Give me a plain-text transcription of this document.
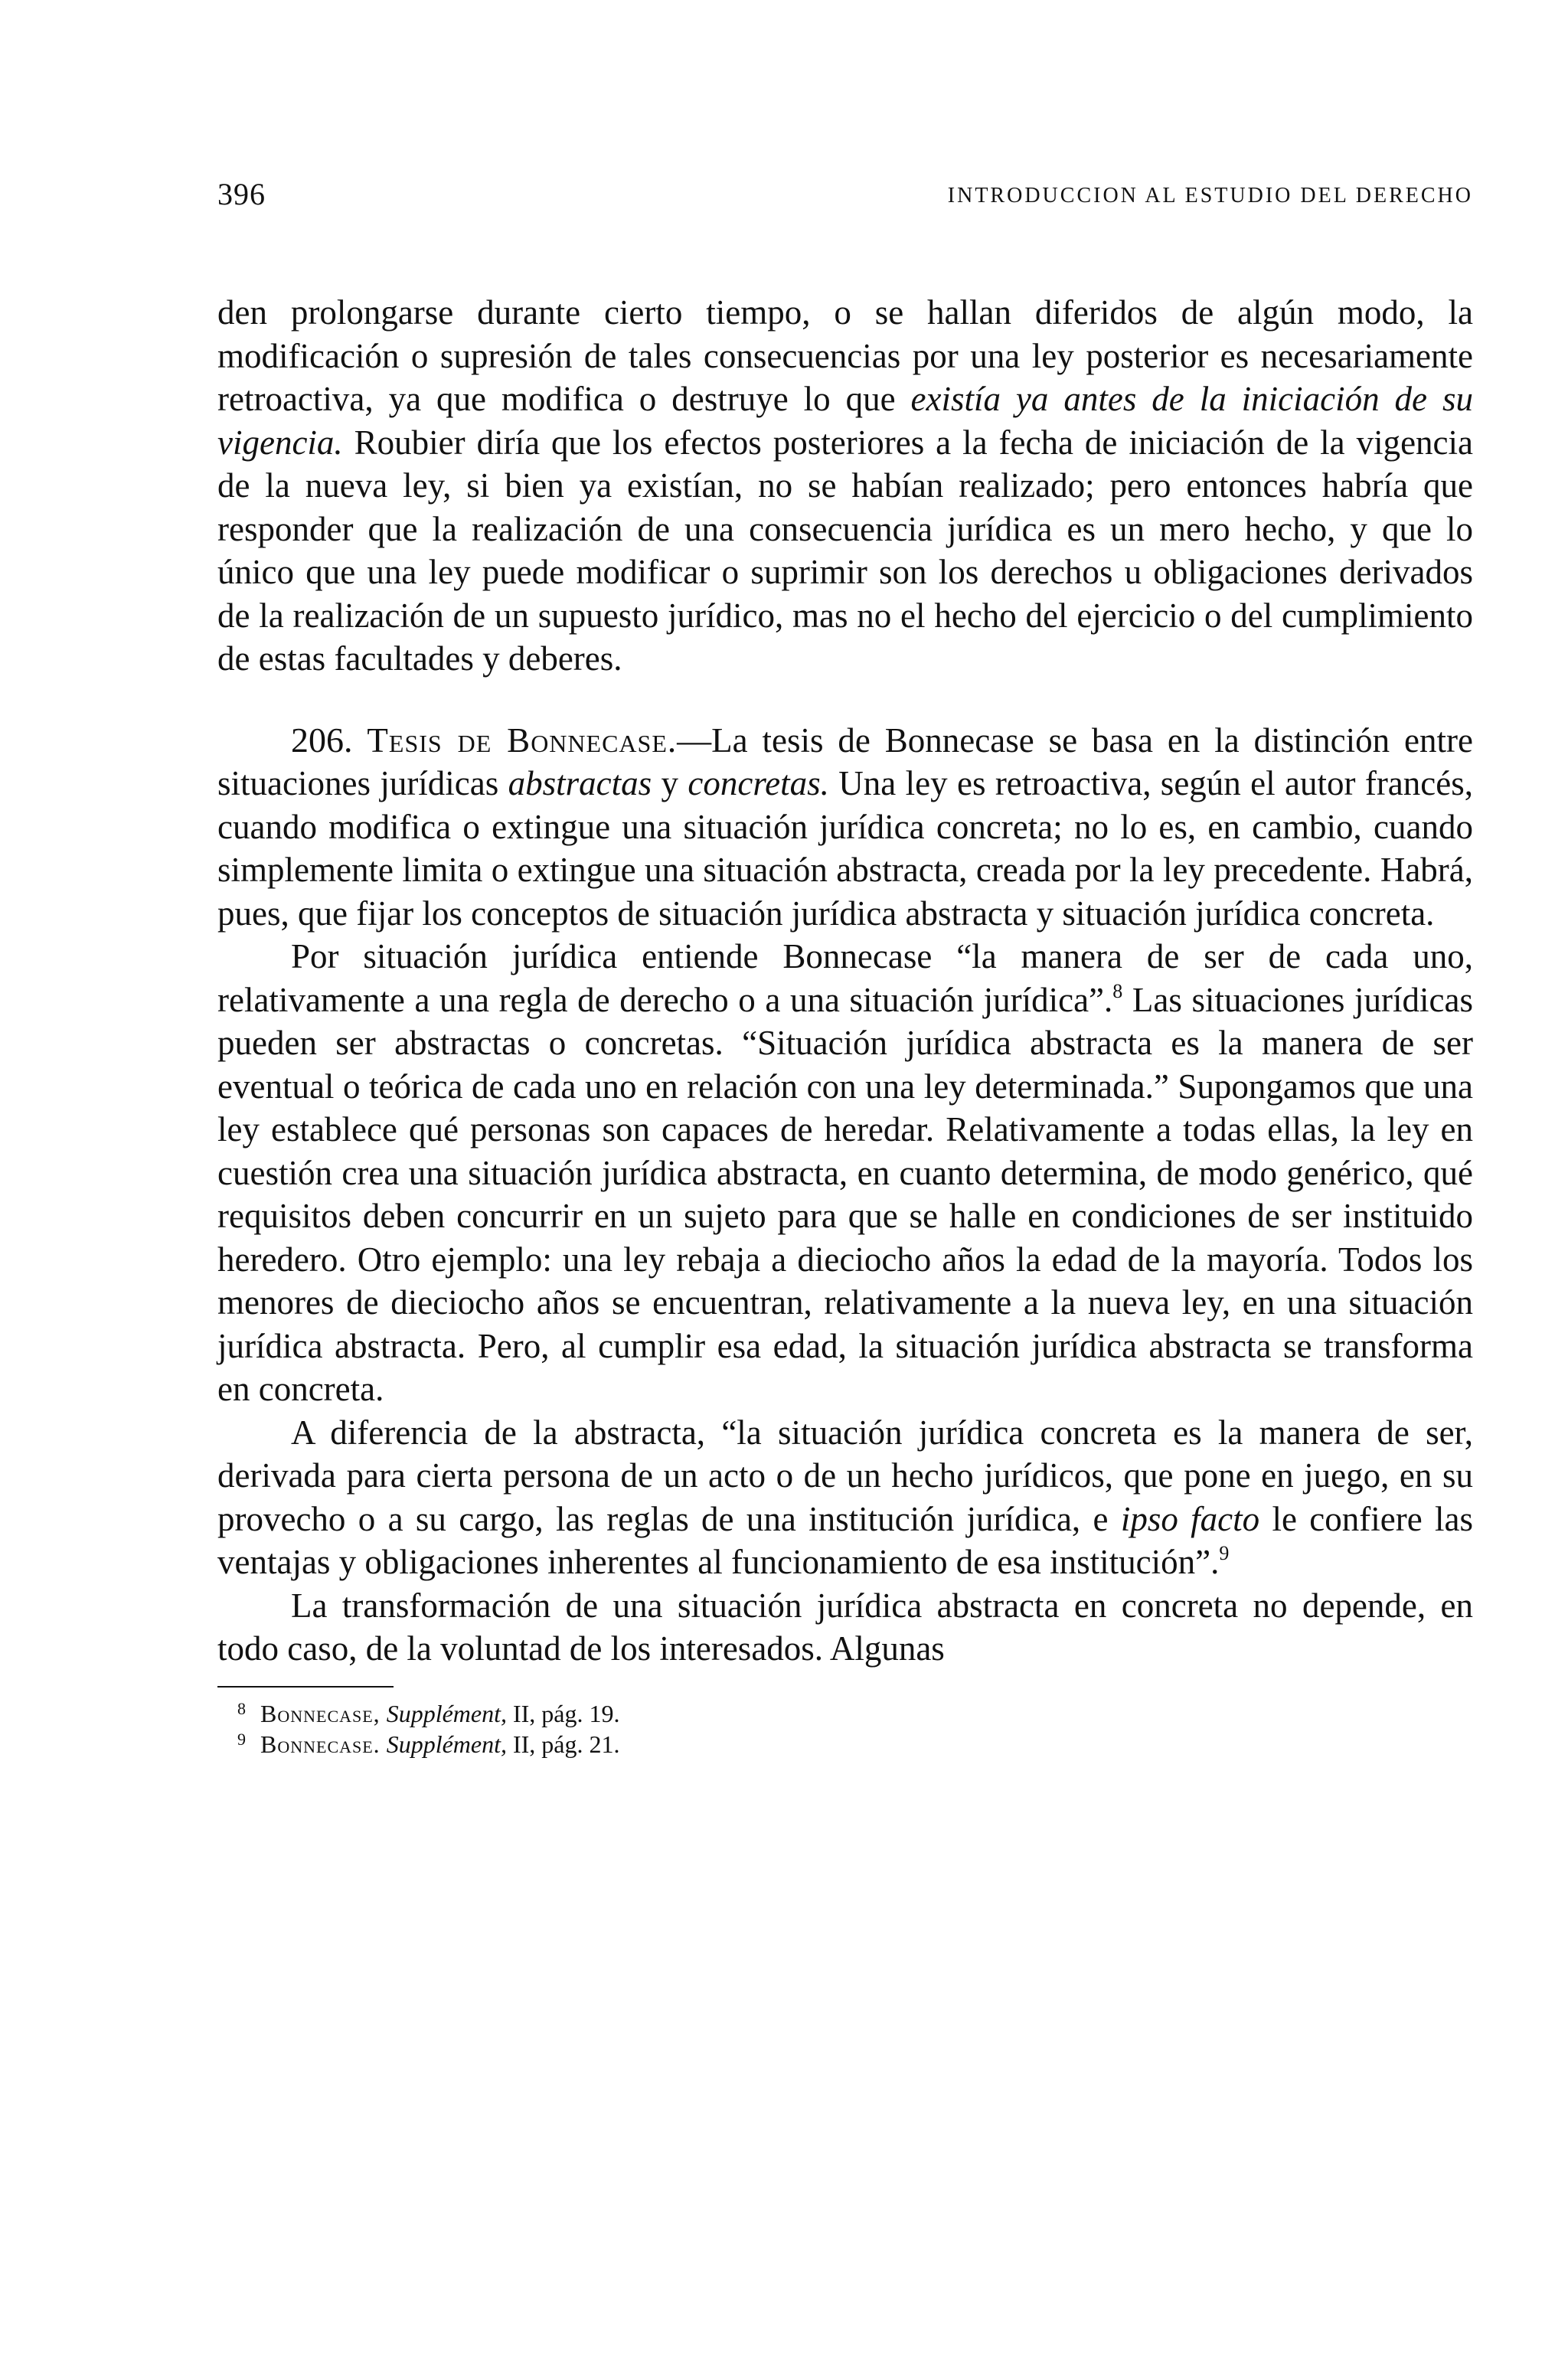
396	INTRODUCCION AL ESTUDIO DEL DERECHO

den prolongarse durante cierto tiempo, o se hallan diferidos de algún modo, la modificación o supresión de tales consecuencias por una ley posterior es necesariamente retroactiva, ya que modifica o destruye lo que existía ya antes de la iniciación de su vigencia. Roubier diría que los efectos posteriores a la fecha de iniciación de la vigencia de la nueva ley, si bien ya existían, no se habían realizado; pero entonces habría que responder que la realización de una consecuencia jurídica es un mero hecho, y que lo único que una ley puede modificar o suprimir son los derechos u obligaciones derivados de la realización de un supuesto jurídico, mas no el hecho del ejercicio o del cumplimiento de estas facultades y deberes.

206. Tesis de Bonnecase.—La tesis de Bonnecase se basa en la distinción entre situaciones jurídicas abstractas y concretas. Una ley es retroactiva, según el autor francés, cuando modifica o extingue una situación jurídica concreta; no lo es, en cambio, cuando simplemente limita o extingue una situación abstracta, creada por la ley precedente. Habrá, pues, que fijar los conceptos de situación jurídica abstracta y situación jurídica concreta.

Por situación jurídica entiende Bonnecase “la manera de ser de cada uno, relativamente a una regla de derecho o a una situación jurídica”.$^8$ Las situaciones jurídicas pueden ser abstractas o concretas. “Situación jurídica abstracta es la manera de ser eventual o teórica de cada uno en relación con una ley determinada.” Supongamos que una ley establece qué personas son capaces de heredar. Relativamente a todas ellas, la ley en cuestión crea una situación jurídica abstracta, en cuanto determina, de modo genérico, qué requisitos deben concurrir en un sujeto para que se halle en condiciones de ser instituido heredero. Otro ejemplo: una ley rebaja a dieciocho años la edad de la mayoría. Todos los menores de dieciocho años se encuentran, relativamente a la nueva ley, en una situación jurídica abstracta. Pero, al cumplir esa edad, la situación jurídica abstracta se transforma en concreta.

A diferencia de la abstracta, “la situación jurídica concreta es la manera de ser, derivada para cierta persona de un acto o de un hecho jurídicos, que pone en juego, en su provecho o a su cargo, las reglas de una institución jurídica, e ipso facto le confiere las ventajas y obligaciones inherentes al funcionamiento de esa institución”.$^9$

La transformación de una situación jurídica abstracta en concreta no depende, en todo caso, de la voluntad de los interesados. Algunas

8 Bonnecase, Supplément, II, pág. 19.
9 Bonnecase. Supplément, II, pág. 21.
